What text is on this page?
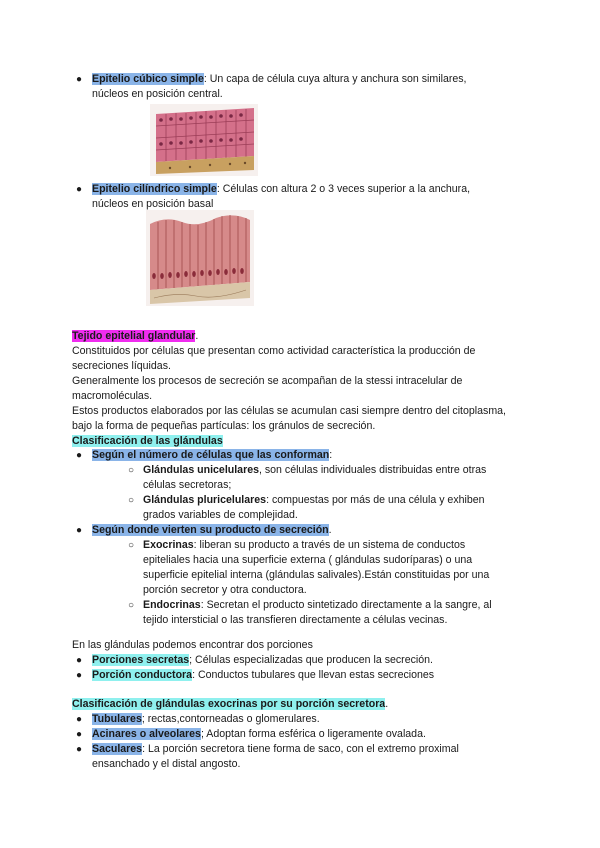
● Epitelio cúbico simple: Un capa de célula cuya altura y anchura son similares,
núcleos en posición central.
● Epitelio cilíndrico simple: Células con altura 2 o 3 veces superior a la anchura,
núcleos en posición basal
Tejido epitelial glandular.
Constituidos por células que presentan como actividad característica la producción de
secreciones líquidas.
Generalmente los procesos de secreción se acompañan de la stessi intracelular de
macromoléculas.
Estos productos elaborados por las células se acumulan casi siempre dentro del citoplasma,
bajo la forma de pequeñas partículas: los gránulos de secreción.
Clasificación de las glándulas
● Según el número de células que las conforman:
○ Glándulas unicelulares, son células individuales distribuidas entre otras
células secretoras;
○ Glándulas pluricelulares: compuestas por más de una célula y exhiben
grados variables de complejidad.
● Según donde vierten su producto de secreción.
○ Exocrinas: liberan su producto a través de un sistema de conductos
epiteliales hacia una superficie externa ( glándulas sudoríparas) o una
superficie epitelial interna (glándulas salivales).Están constituidas por una
porción secretor y otra conductora.
○ Endocrinas: Secretan el producto sintetizado directamente a la sangre, al
tejido intersticial o las transfieren directamente a células vecinas.
En las glándulas podemos encontrar dos porciones
● Porciones secretas; Células especializadas que producen la secreción.
● Porción conductora: Conductos tubulares que llevan estas secreciones
Clasificación de glándulas exocrinas por su porción secretora.
● Tubulares; rectas,contorneadas o glomerulares.
● Acinares o alveolares; Adoptan forma esférica o ligeramente ovalada.
● Saculares: La porción secretora tiene forma de saco, con el extremo proximal
ensanchado y el distal angosto.
